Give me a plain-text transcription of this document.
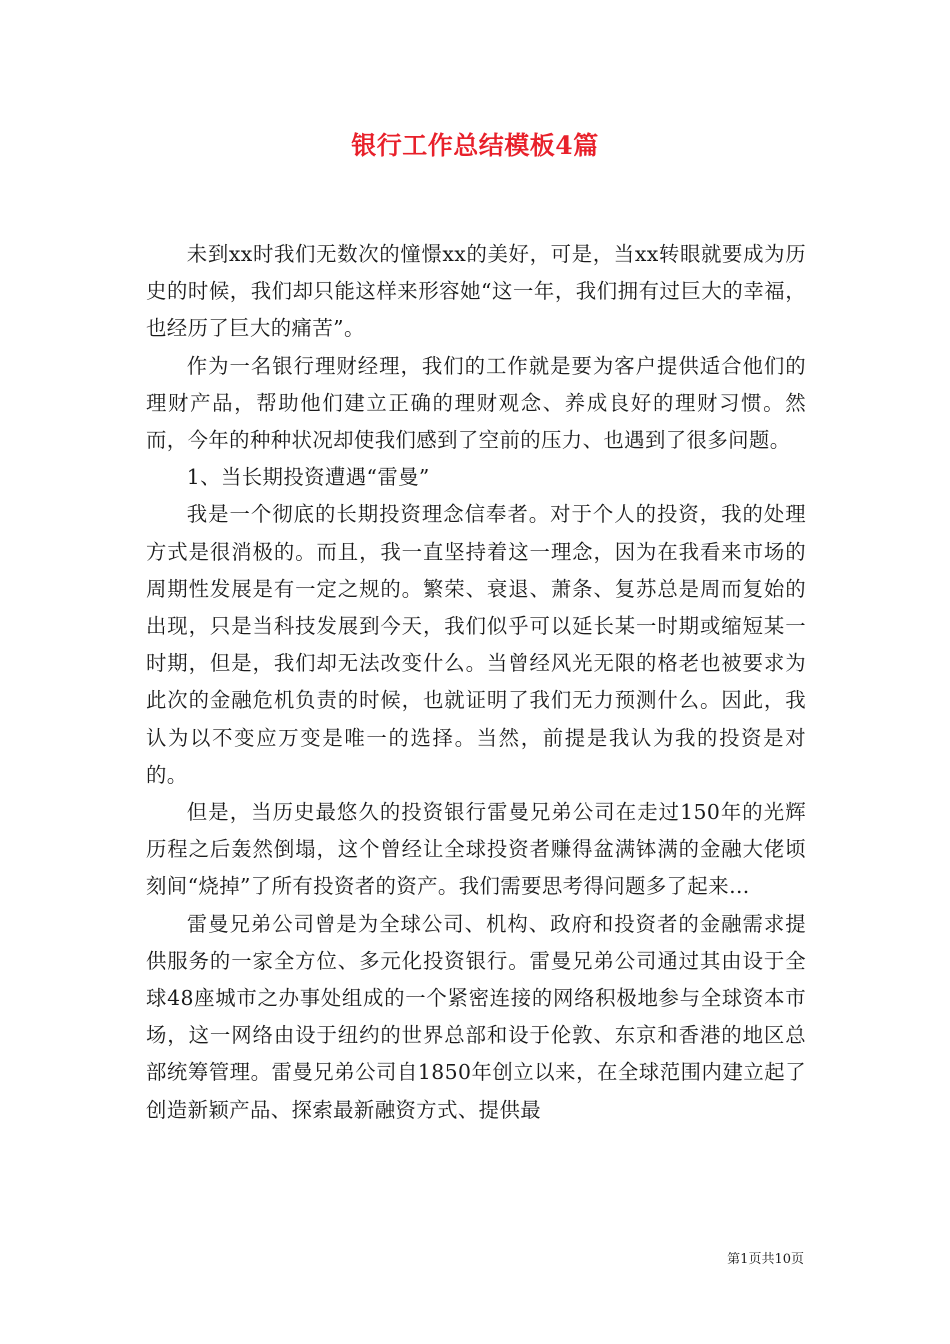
银行工作总结模板4篇

未到xx时我们无数次的憧憬xx的美好，可是，当xx转眼就要成为历史的时候，我们却只能这样来形容她“这一年，我们拥有过巨大的幸福，也经历了巨大的痛苦”。

作为一名银行理财经理，我们的工作就是要为客户提供适合他们的理财产品，帮助他们建立正确的理财观念、养成良好的理财习惯。然而，今年的种种状况却使我们感到了空前的压力、也遇到了很多问题。

1、当长期投资遭遇“雷曼”

我是一个彻底的长期投资理念信奉者。对于个人的投资，我的处理方式是很消极的。而且，我一直坚持着这一理念，因为在我看来市场的周期性发展是有一定之规的。繁荣、衰退、萧条、复苏总是周而复始的出现，只是当科技发展到今天，我们似乎可以延长某一时期或缩短某一时期，但是，我们却无法改变什么。当曾经风光无限的格老也被要求为此次的金融危机负责的时候，也就证明了我们无力预测什么。因此，我认为以不变应万变是唯一的选择。当然，前提是我认为我的投资是对的。

但是，当历史最悠久的投资银行雷曼兄弟公司在走过150年的光辉历程之后轰然倒塌，这个曾经让全球投资者赚得盆满钵满的金融大佬顷刻间“烧掉”了所有投资者的资产。我们需要思考得问题多了起来…

雷曼兄弟公司曾是为全球公司、机构、政府和投资者的金融需求提供服务的一家全方位、多元化投资银行。雷曼兄弟公司通过其由设于全球48座城市之办事处组成的一个紧密连接的网络积极地参与全球资本市场，这一网络由设于纽约的世界总部和设于伦敦、东京和香港的地区总部统筹管理。雷曼兄弟公司自1850年创立以来，在全球范围内建立起了创造新颖产品、探索最新融资方式、提供最

第1页共10页
